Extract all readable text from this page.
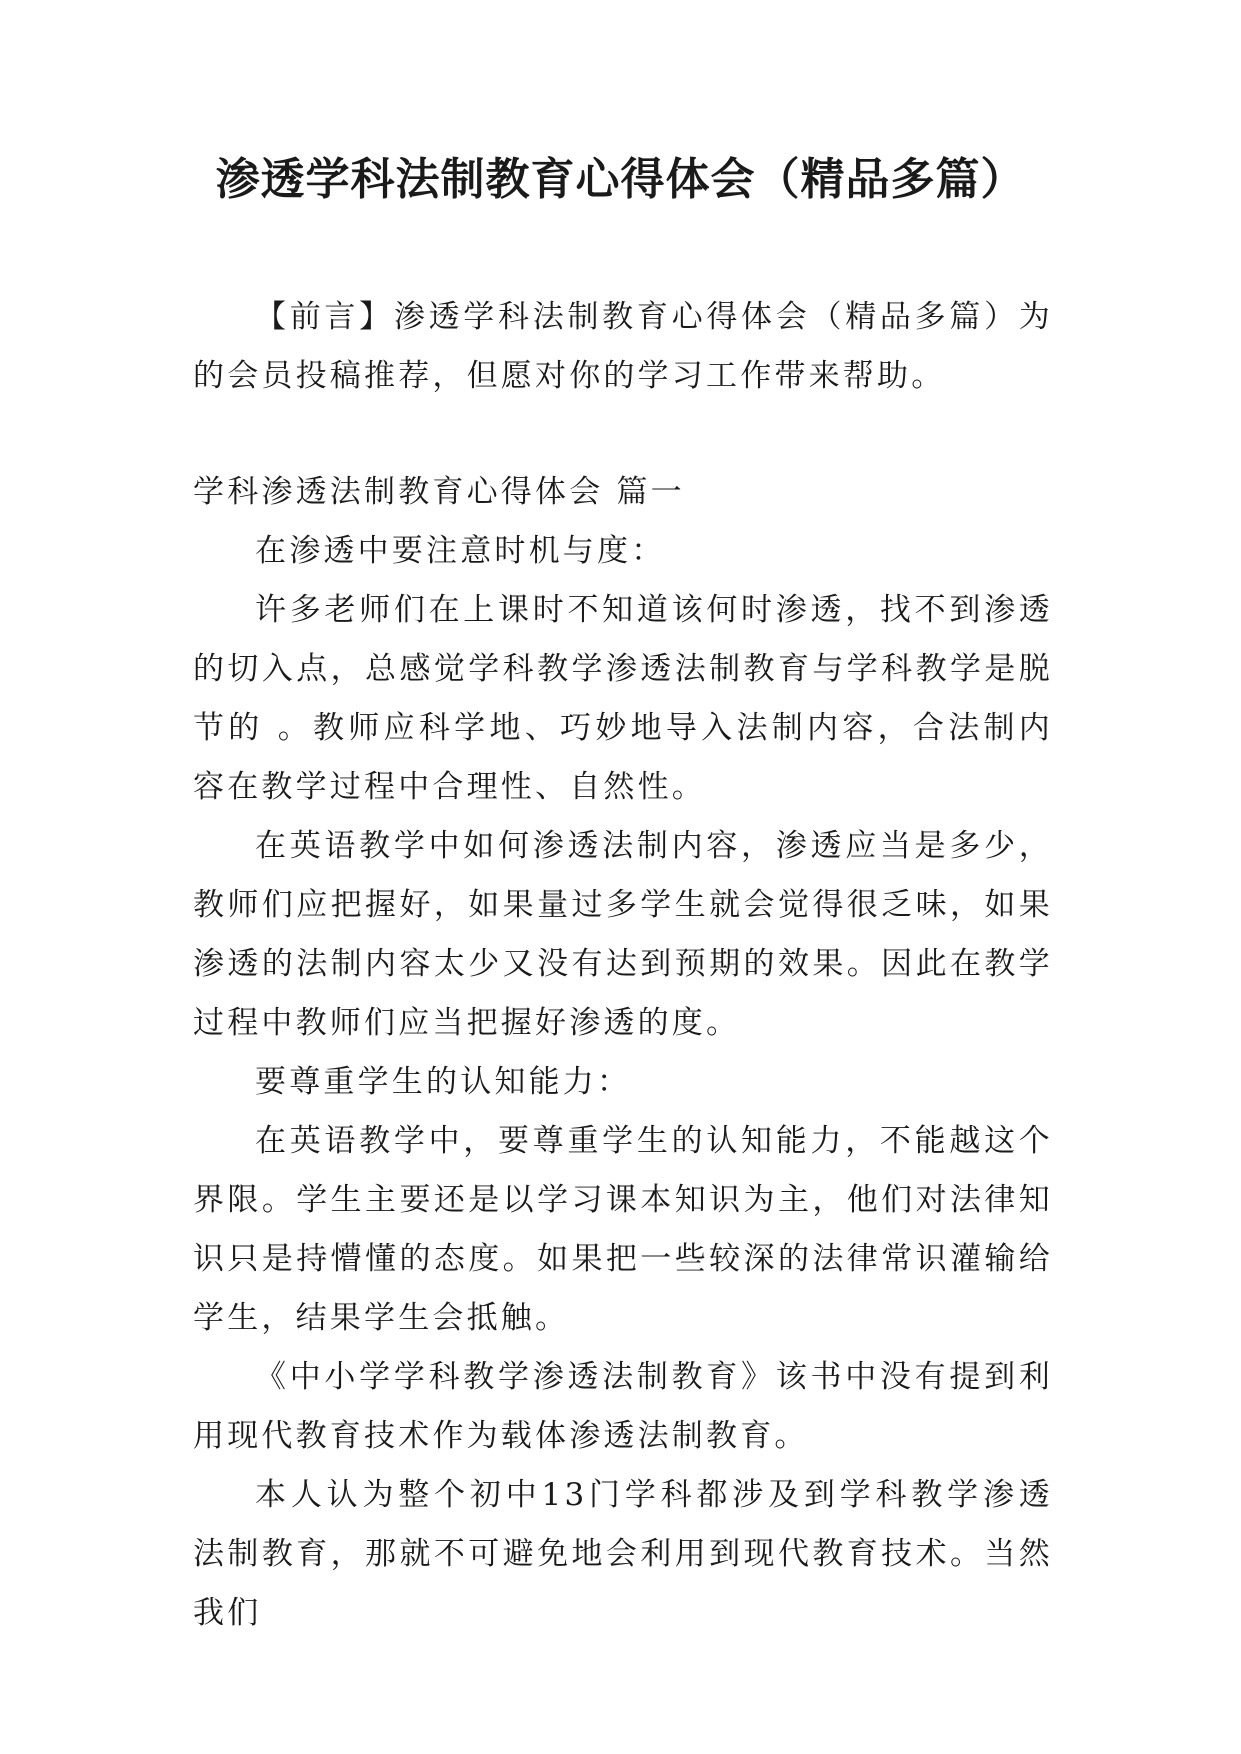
渗透学科法制教育心得体会（精品多篇）

【前言】渗透学科法制教育心得体会（精品多篇）为的会员投稿推荐，但愿对你的学习工作带来帮助。

学科渗透法制教育心得体会 篇一

在渗透中要注意时机与度：

许多老师们在上课时不知道该何时渗透，找不到渗透的切入点，总感觉学科教学渗透法制教育与学科教学是脱节的 。教师应科学地、巧妙地导入法制内容，合法制内容在教学过程中合理性、自然性。

在英语教学中如何渗透法制内容，渗透应当是多少，教师们应把握好，如果量过多学生就会觉得很乏味，如果渗透的法制内容太少又没有达到预期的效果。因此在教学过程中教师们应当把握好渗透的度。

要尊重学生的认知能力：

在英语教学中，要尊重学生的认知能力，不能越这个界限。学生主要还是以学习课本知识为主，他们对法律知识只是持懵懂的态度。如果把一些较深的法律常识灌输给学生，结果学生会抵触。

《中小学学科教学渗透法制教育》该书中没有提到利用现代教育技术作为载体渗透法制教育。

本人认为整个初中13门学科都涉及到学科教学渗透法制教育，那就不可避免地会利用到现代教育技术。当然我们
